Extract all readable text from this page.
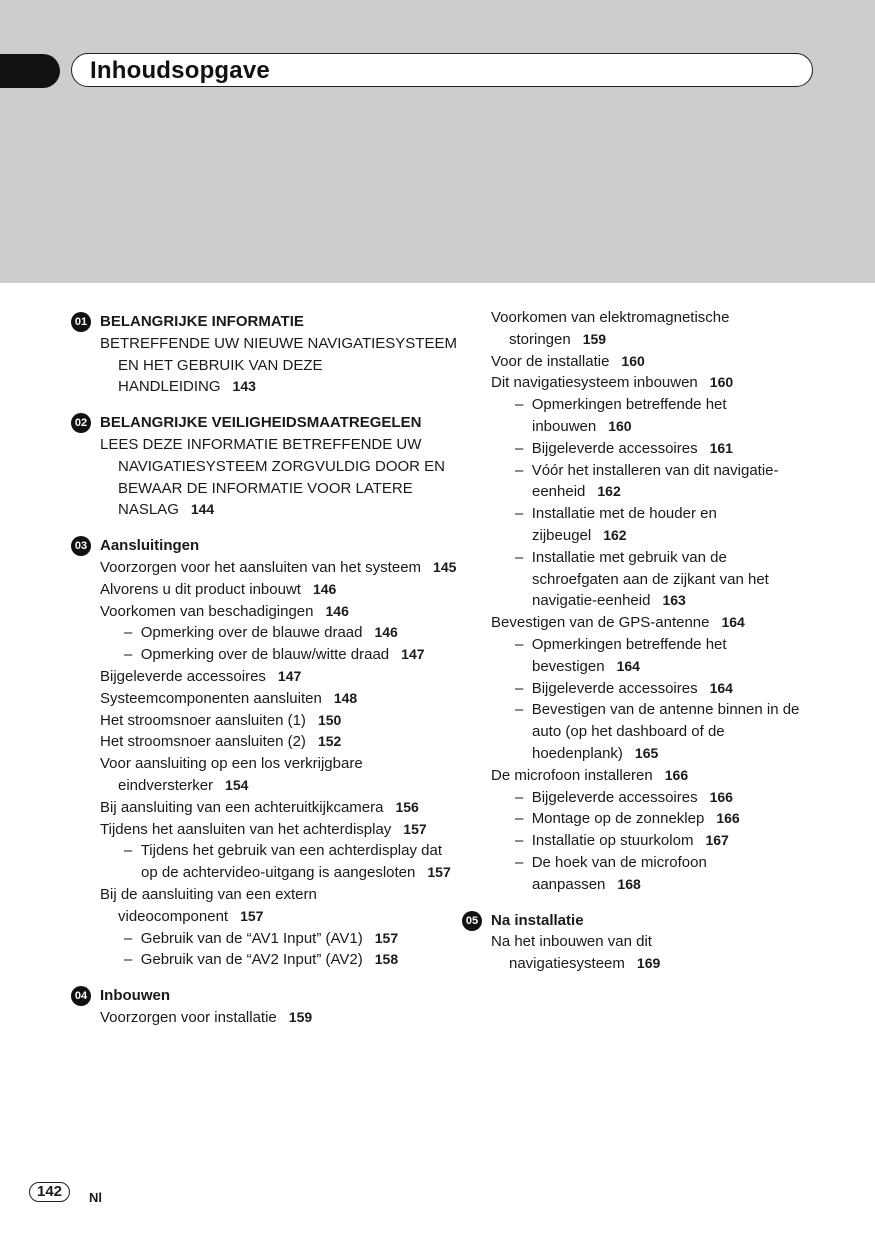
Inhoudsopgave
01 BELANGRIJKE INFORMATIE
BETREFFENDE UW NIEUWE NAVIGATIESYSTEEM EN HET GEBRUIK VAN DEZE HANDLEIDING 143
02 BELANGRIJKE VEILIGHEIDSMAATREGELEN
LEES DEZE INFORMATIE BETREFFENDE UW NAVIGATIESYSTEEM ZORGVULDIG DOOR EN BEWAAR DE INFORMATIE VOOR LATERE NASLAG 144
03 Aansluitingen
Voorzorgen voor het aansluiten van het systeem 145
Alvorens u dit product inbouwt 146
Voorkomen van beschadigingen 146
– Opmerking over de blauwe draad 146
– Opmerking over de blauw/witte draad 147
Bijgeleverde accessoires 147
Systeemcomponenten aansluiten 148
Het stroomsnoer aansluiten (1) 150
Het stroomsnoer aansluiten (2) 152
Voor aansluiting op een los verkrijgbare eindversterker 154
Bij aansluiting van een achteruitkijkcamera 156
Tijdens het aansluiten van het achterdisplay 157
– Tijdens het gebruik van een achterdisplay dat op de achtervideo-uitgang is aangesloten 157
Bij de aansluiting van een extern videocomponent 157
– Gebruik van de “AV1 Input” (AV1) 157
– Gebruik van de “AV2 Input” (AV2) 158
04 Inbouwen
Voorzorgen voor installatie 159
Voorkomen van elektromagnetische storingen 159
Voor de installatie 160
Dit navigatiesysteem inbouwen 160
– Opmerkingen betreffende het inbouwen 160
– Bijgeleverde accessoires 161
– Vóór het installeren van dit navigatie-eenheid 162
– Installatie met de houder en zijbeugel 162
– Installatie met gebruik van de schroefgaten aan de zijkant van het navigatie-eenheid 163
Bevestigen van de GPS-antenne 164
– Opmerkingen betreffende het bevestigen 164
– Bijgeleverde accessoires 164
– Bevestigen van de antenne binnen in de auto (op het dashboard of de hoedenplank) 165
De microfoon installeren 166
– Bijgeleverde accessoires 166
– Montage op de zonneklep 166
– Installatie op stuurkolom 167
– De hoek van de microfoon aanpassen 168
05 Na installatie
Na het inbouwen van dit navigatiesysteem 169
142	Nl
